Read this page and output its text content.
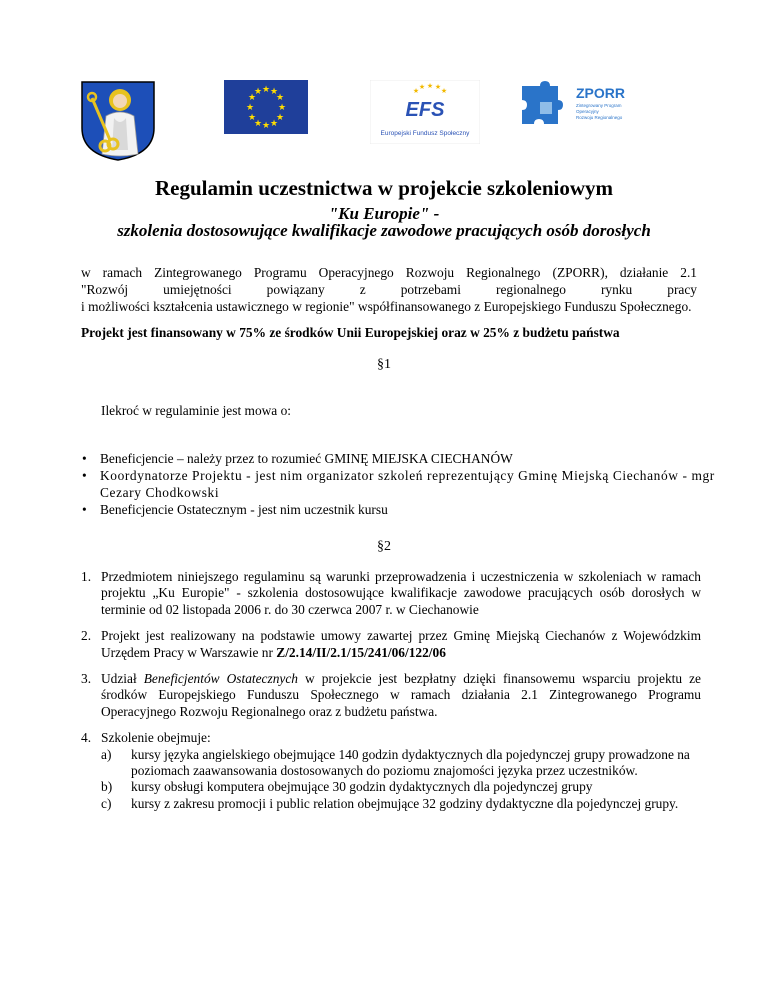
★ ★
★
★
★
★
★
★
★
★
★
★	★ ★ ★
★	★
EFS
Europejski Fundusz Społeczny
ZPORR
Zintegrowany Program
Operacyjny
Rozwoju Regionalnego
Regulamin uczestnictwa w projekcie szkoleniowym
"Ku Europie" -
szkolenia dostosowujące kwalifikacje zawodowe pracujących osób dorosłych

w ramach Zintegrowanego Programu Operacyjnego Rozwoju Regionalnego (ZPORR), działanie 2.1

"Rozwój umiejętności powiązany z potrzebami regionalnego rynku pracy

i możliwości kształcenia ustawicznego w regionie" współfinansowanego z Europejskiego Funduszu Społecznego.

Projekt jest finansowany w 75% ze środków Unii Europejskiej oraz w 25% z budżetu państwa
§1
Ilekroć w regulaminie jest mowa o:
• Beneficjencie – należy przez to rozumieć GMINĘ MIEJSKA CIECHANÓW
• Koordynatorze Projektu - jest nim organizator szkoleń reprezentujący Gminę Miejską Ciechanów - mgr Cezary Chodkowski
• Beneficjencie Ostatecznym - jest nim uczestnik kursu
§2
1. Przedmiotem niniejszego regulaminu są warunki przeprowadzenia i uczestniczenia w szkoleniach w ramach projektu „Ku Europie" - szkolenia dostosowujące kwalifikacje zawodowe pracujących osób dorosłych w terminie od 02 listopada 2006 r. do 30 czerwca 2007 r. w Ciechanowie
2. Projekt jest realizowany na podstawie umowy zawartej przez Gminę Miejską Ciechanów z Wojewódzkim Urzędem Pracy w Warszawie nr Z/2.14/II/2.1/15/241/06/122/06
3. Udział Beneficjentów Ostatecznych w projekcie jest bezpłatny dzięki finansowemu wsparciu projektu ze środków Europejskiego Funduszu Społecznego w ramach działania 2.1 Zintegrowanego Programu Operacyjnego Rozwoju Regionalnego oraz z budżetu państwa.
4. Szkolenie obejmuje:
a) kursy języka angielskiego obejmujące 140 godzin dydaktycznych dla pojedynczej grupy prowadzone na poziomach zaawansowania dostosowanych do poziomu znajomości języka przez uczestników.
b) kursy obsługi komputera obejmujące 30 godzin dydaktycznych dla pojedynczej grupy
c) kursy z zakresu promocji i public relation obejmujące 32 godziny dydaktyczne dla pojedynczej grupy.
